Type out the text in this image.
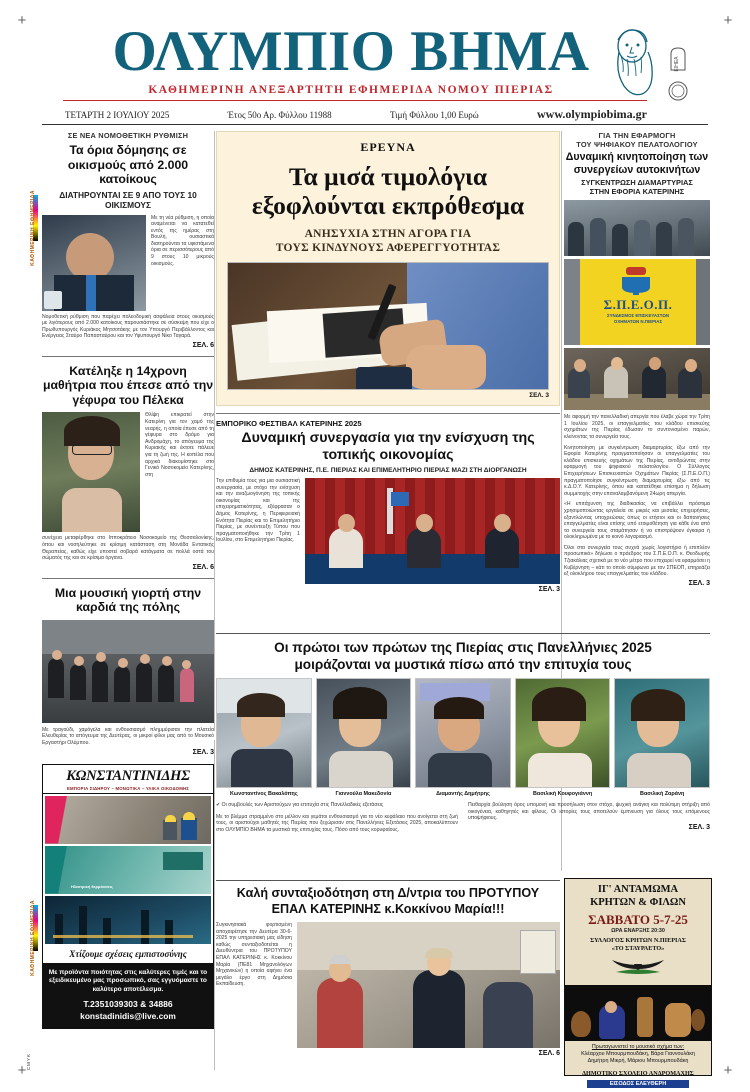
+	+
+	+
ΚΑΘΗΜΕΡΙΝΗ ΕΦΗΜΕΡΙΔΑ
ΚΑΘΗΜΕΡΙΝΗ ΕΦΗΜΕΡΙΔΑ
CMYK
ΟΛΥΜΠΙΟ ΒΗΜΑ
ΚΑΘΗΜΕΡΙΝΗ ΑΝΕΞΑΡΤΗΤΗ ΕΦΗΜΕΡΙΔΑ ΝΟΜΟΥ ΠΙΕΡΙΑΣ
ΤΕΤΑΡΤΗ 2 ΙΟΥΛΙΟΥ 2025	Έτος 50ο Αρ. Φύλλου 11988	Τιμή Φύλλου 1,00 Ευρώ	www.olympiobima.gr
ΕΙΗΕΑ
ΣΕ ΝΕΑ ΝΟΜΟΘΕΤΙΚΗ ΡΥΘΜΙΣΗ
Τα όρια δόμησης σε οικισμούς από 2.000 κατοίκους
ΔΙΑΤΗΡΟΥΝΤΑΙ ΣΕ 9 ΑΠΟ ΤΟΥΣ 10 ΟΙΚΙΣΜΟΥΣ
Με τη νέα ρύθμιση, η οποία αναμένεται να κατατεθεί εντός της ημέρας στη Βουλή, ουσιαστικά διατηρούνται τα υφιστάμενα όρια σε περισσότερους από 9 στους 10 μικρούς οικισμούς.
Νομοθετική ρύθμιση που παρέχει πολεοδομική ασφάλεια στους οικισμούς με λιγότερους από 2.000 κατοίκους παρουσιάστηκε σε σύσκεψη που είχε ο Πρωθυπουργός Κυριάκος Μητσοτάκης με τον Υπουργό Περιβάλλοντος και Ενέργειας Σταύρο Παπασταύρου και τον Υφυπουργό Νίκο Ταγαρά.
ΣΕΛ. 6
Κατέληξε η 14χρονη μαθήτρια που έπεσε από την γέφυρα του Πέλεκα
Θλίψη επικρατεί στην Κατερίνη για τον χαμό της νεαρής, η οποία έπεσε από τη γέφυρα στο δρόμο για Ανδρομάχη, το απόγευμα της Κυριακής και έκτοτε πάλευε για τη ζωή της. Η κοπέλα που αρχικά διακομίστηκε στο Γενικό Νοσοκομείο Κατερίνης, στη
συνέχεια μεταφέρθηκε στο Ιπποκράτειο Νοσοκομείο της Θεσσαλονίκης, όπου και νοσηλεύτηκε σε κρίσιμη κατάσταση στη Μονάδα Εντατικής Θεραπείας, καθώς είχε υποστεί σοβαρά κατάγματα σε πολλά οστά του σώματός της και σε κρίσιμα όργανα.
ΣΕΛ. 6
Μια μουσική γιορτή στην καρδιά της πόλης
Με τραγούδι, χαμόγελα και ενθουσιασμό πλημμύρισαν την πλατεία Ελευθερίας το απόγευμα της Δευτέρας, οι μικροί φίλοι μας από το Μουσικό Εργαστήρι Ολύμπου.
ΣΕΛ. 3
ΚΩΝΣΤΑΝΤΙΝΙΔΗΣ
ΕΜΠΟΡΙΑ ΣΙΔΗΡΟΥ – ΜΟΝΩΤΙΚΑ – ΥΛΙΚΑ ΟΙΚΟΔΟΜΗΣ
Ηλεκτρική θερμάνσεις
Χτίζουμε σχέσεις εμπιστοσύνης

Με προϊόντα ποιότητας στις καλύτερες τιμές και το εξειδικευμένο μας προσωπικό, σας εγγυόμαστε το καλύτερο αποτέλεσμα.

Τ.2351039303 & 34886
konstadinidis@live.com
ΕΡΕΥΝΑ
Τα μισά τιμολόγια
εξοφλούνται εκπρόθεσμα
ΑΝΗΣΥΧΙΑ ΣΤΗΝ ΑΓΟΡΑ ΓΙΑ
ΤΟΥΣ ΚΙΝΔΥΝΟΥΣ ΑΦΕΡΕΓΓΥΟΤΗΤΑΣ
ΣΕΛ. 3
ΕΜΠΟΡΙΚΟ ΦΕΣΤΙΒΑΛ ΚΑΤΕΡΙΝΗΣ 2025
Δυναμική συνεργασία για την ενίσχυση της τοπικής οικονομίας
ΔΗΜΟΣ ΚΑΤΕΡΙΝΗΣ, Π.Ε. ΠΙΕΡΙΑΣ ΚΑΙ ΕΠΙΜΕΛΗΤΗΡΙΟ ΠΙΕΡΙΑΣ ΜΑΖΙ ΣΤΗ ΔΙΟΡΓΑΝΩΣΗ
Την επιθυμία τους για μια ουσιαστική συνεργασία, με στόχο την ενίσχυση και την αναζωογόνηση της τοπικής οικονομίας και της επιχειρηματικότητας, εξέφρασαν ο Δήμος Κατερίνης, η Περιφερειακή Ενότητα Πιερίας και το Επιμελητήριο Πιερίας, με συνέντευξη Τύπου που πραγματοποιήθηκε την Τρίτη 1 Ιουλίου, στο Επιμελητήριο Πιερίας.
ΣΕΛ. 3
Οι πρώτοι των πρώτων της Πιερίας στις Πανελλήνιες 2025
μοιράζονται να μυστικά πίσω από την επιτυχία τους
Κωνσταντίνος Βακαλόπης	Γιαννούλα Μακεδονία	Διαμαντής Δημήτρης	Βασιλική Κουφογιάννη	Βασιλική Ζαράνη
✔ Οι συμβουλές των Αριστούχων για επιτυχία στις Πανελλαδικές εξετάσεις
Με το βλέμμα στραμμένο στο μέλλον και γεμάτοι ενθουσιασμό για το νέο κεφάλαιο που ανοίγεται στη ζωή τους, οι αριστούχοι μαθητές της Πιερίας που ξεχώρισαν στις Πανελλήνιες Εξετάσεις 2025, αποκαλύπτουν στο ΟΛΥΜΠΙΟ ΒΗΜΑ τα μυστικά της επιτυχίας τους. Πόσο από τους κορυφαίους.
Πειθαρχία βούληση όρος υπομονή και προσήλωση στον στόχο, ψυχική ανάγκη και πολύτιμη στήριξη από οικογένεια, καθηγητές και φίλους. Οι ιστορίες τους αποτελούν έμπνευση για όλους τους επόμενους υποψήφιους.
ΣΕΛ. 3
Καλή συνταξιοδότηση στη Δ/ντρια του ΠΡΟΤΥΠΟΥ
ΕΠΑΛ ΚΑΤΕΡΙΝΗΣ κ.Κοκκίνου Μαρία!!!
Συγκινησιακά φορτισμένη αποχαιρέτησε την Δευτέρα 30-6-2025 την υπηρεσιακή μας είδηση καθώς συνταξιοδοτείται η Διευθύντρια του ΠΡΟΤΥΠΟΥ ΕΠΑΛ ΚΑΤΕΡΙΝΗΣ κ. Κοκκίνου Μαρία (ΠΕ81 Μηχανολόγων Μηχανικών) η οποία αφήνει ένα μεγάλο έργο στη Δημόσια Εκπαίδευση.
ΣΕΛ. 6
ΓΙΑ ΤΗΝ ΕΦΑΡΜΟΓΗ
ΤΟΥ ΨΗΦΙΑΚΟΥ ΠΕΛΑΤΟΛΟΓΙΟΥ
Δυναμική κινητοποίηση των συνεργείων αυτοκινήτων
ΣΥΓΚΕΝΤΡΩΣΗ ΔΙΑΜΑΡΤΥΡΙΑΣ
ΣΤΗΝ ΕΦΟΡΙΑ ΚΑΤΕΡΙΝΗΣ
Σ.Π.Ε.Ο.Π.
ΣΥΝΔΕΣΜΟΣ ΕΠΙΣΚΕΥΑΣΤΩΝ
ΟΧΗΜΑΤΩΝ Ν.ΠΙΕΡΙΑΣ
Με αφορμή την πανελλαδική απεργία που έλαβε χώρα την Τρίτη 1 Ιουλίου 2025, οι επαγγελματίες του κλάδου επισκεύης σχημάτων της Πιερίας έδωσαν το συντονισμένο παρών, κλείνοντας τα συνεργεία τους.
Κινητοποίηση με συγκέντρωση διαμαρτυρίας έξω από την Εφορία Κατερίνης πραγματοποίησαν οι επαγγελματίες του κλάδου επισκευής οχημάτων της Πιερίας, αντιδρώντας στην εφαρμογή του ψηφιακού πελατολογίου. Ο Σύλλογος Επιχειρήσεων Επισκευαστών Οχημάτων Πιερίας (Σ.Π.Ε.Ο.Π.) πραγματοποίησε συγκέντρωση διαμαρτυρίας έξω από τις κ.Δ.Ο.Υ. Κατερίνης, όπου και κατατέθηκε επίσημα η δήλωση συμμετοχής στην επαναλαμβανόμενη 24ωρη απεργία.
«Η επιτάχυνση της διαδικασίας να επιβάλλει πρόστιμα χρησιμοποιώντας εργαλεία σε μικρές και μεσαίες επιχειρήσεις, εξαντλώντας υποχρεώσεις όπως οι ετήσιοι και οι δαπανήσεις επαγγελματίες είναι επίσης υπό ετοιμοθέτηση για κάθε ένα από τα συνεργεία τους σταμάτησαν ή να επιστρέψουν έγκαιρα ή ολοκληρωμένα με το κοινό λογαριασμό.
Όλοι στα συνεργεία τους συχνά χωρίς λογιστήριο ή επιπλέον προσωπικό» δήλωσε ο πρόεδρος του Σ.Π.Ε.Ο.Π. κ. Θεοδωρής Τζιακάλιας σχετικά με το νέο μέτρο που επιχειρεί να εφαρμόσει η Κυβέρνηση – κάτι το οποίο σύμφωνα με τον ΣΠΕΟΠ, επηρεάζει εξ ολοκλήρου τους επαγγελματίες του κλάδου.
ΣΕΛ. 3
ΙΓ' ΑΝΤΑΜΩΜΑ
ΚΡΗΤΩΝ & ΦΙΛΩΝ
ΣΑΒΒΑΤΟ 5-7-25
ΩΡΑ ΕΝΑΡΞΗΣ 20:30
ΣΥΛΛΟΓΟΣ ΚΡΗΤΩΝ Ν.ΠΙΕΡΙΑΣ
«ΤΟ ΣΤΑΥΡΑΕΤΟ»
Πρωταγωνιστεί το μουσικό σχήμα των:
Κλέαρχου Μπουρμπουδάκη, Βάρα Γιαννουλάκη
Δημήτρη Μικρή, Μάριου Μπουρμπουδάκη
ΔΗΜΟΤΙΚΟ ΣΧΟΛΕΙΟ ΑΝΔΡΟΜΑΧΗΣ
ΕΙΣΟΔΟΣ ΕΛΕΥΘΕΡΗ
